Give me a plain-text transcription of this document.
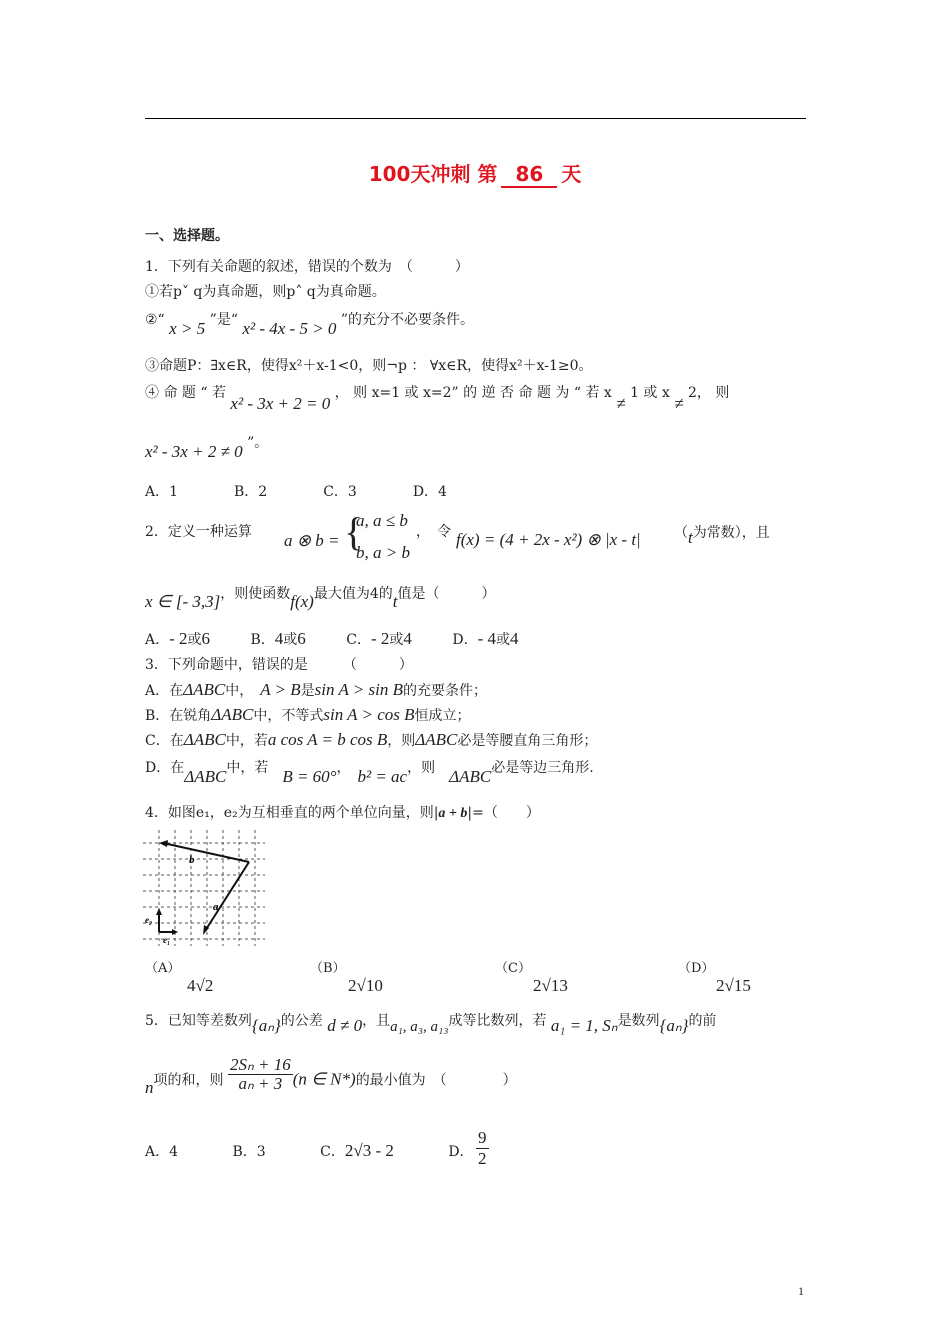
100天冲刺 第 86 天
一、选择题。
1．下列有关命题的叙述，错误的个数为　（　　　）
①若p˅ q为真命题，则p˄ q为真命题。
②“ x > 5 ”是“ x² - 4x - 5 > 0 ”的充分不必要条件。
③命题P：∃x∈R，使得x²＋x-1<0，则¬p ： ∀x∈R，使得x²＋x-1≥0。
④ 命 题 “ 若 x² - 3x + 2 = 0 ， 则 x=1 或 x=2” 的 逆 否 命 题 为 “ 若 x ≠ 1 或 x ≠ 2， 则
x² - 3x + 2 ≠ 0 ”。
A．1　　　　B．2　　　　C．3　　　　D．4
2．定义一种运算 a ⊗ b = {
a, a ≤ b
b, a > b
，　令 f(x) = (4 + 2x - x²) ⊗ |x - t| （t为常数），且
x ∈ [- 3,3]，则使函数f(x)最大值为4的t值是（　　　）
A．- 2或6	B．4或6	C．- 2或4	D．- 4或4
3．下列命题中，错误的是　　　（　　　）
A．在ΔABC中，　 A > B是sin A > sin B的充要条件；
B．在锐角ΔABC中，不等式sin A > cos B恒成立；
C．在ΔABC中，若a cos A = b cos B，则ΔABC必是等腰直角三角形；
D．在ΔABC中，若　 B = 60°，　 b² = ac，则　 ΔABC必是等边三角形.
4．如图e₁，e₂为互相垂直的两个单位向量，则|a + b|=（　　）
b
a
e₂
e₁
（A）
4√2
（B）
2√10
（C）
2√13
（D）
2√15
5．已知等差数列{aₙ}的公差 d ≠ 0，且a₁, a₃, a₁₃成等比数列，若 a₁ = 1, Sₙ是数列{aₙ}的前
n项的和，则 $\frac{\text{2Sₙ + 16}}{\text{aₙ + 3}} (n$ ∈ N*)的最小值为　（　　　　）
A．4	B．3	C．2√3 - 2	D． $\frac{9}{2}$
1
